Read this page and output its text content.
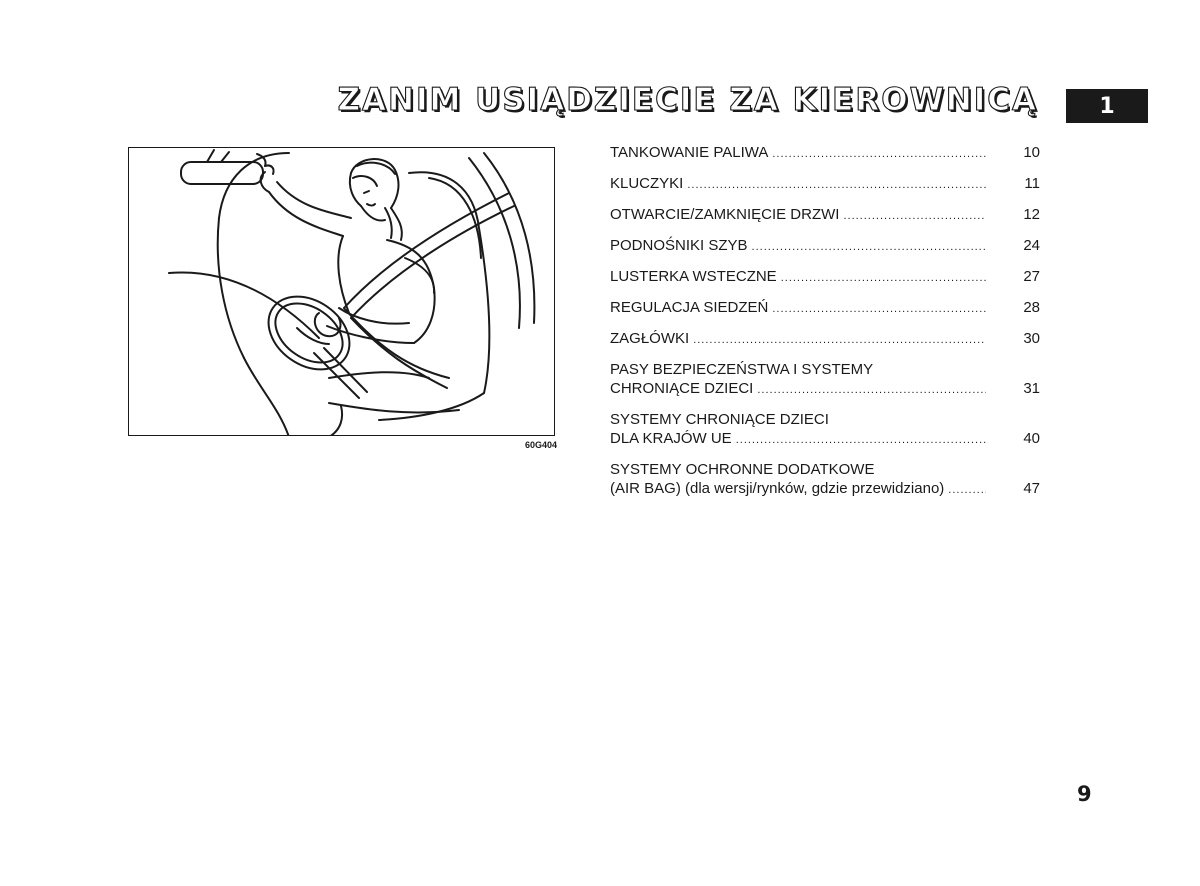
ZANIM USIĄDZIECIE ZA KIEROWNICĄ	1
60G404
TANKOWANIE PALIWA .....	10
KLUCZYKI .....	11
OTWARCIE/ZAMKNIĘCIE DRZWI .....	12
PODNOŚNIKI SZYB .....	24
LUSTERKA WSTECZNE .....	27
REGULACJA SIEDZEŃ .....	28
ZAGŁÓWKI .....	30
PASY BEZPIECZEŃSTWA I SYSTEMY
CHRONIĄCE DZIECI .....	31
SYSTEMY CHRONIĄCE DZIECI
DLA KRAJÓW UE .....	40
SYSTEMY OCHRONNE DODATKOWE
(AIR BAG) (dla wersji/rynków, gdzie przewidziano) .....	47
9
